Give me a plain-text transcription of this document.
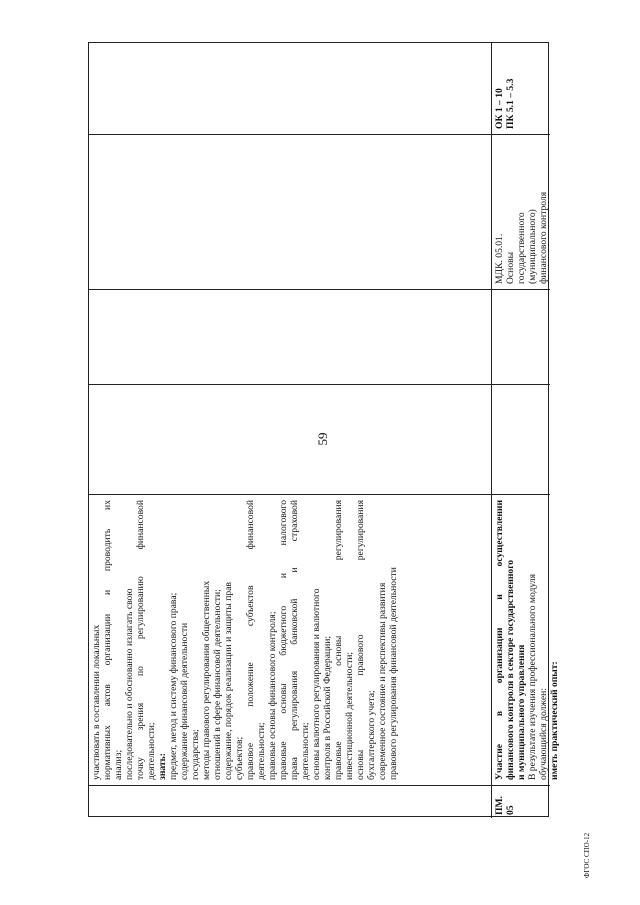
59
участвовать в составлении локальных нормативных актов организации и проводить их анализ; последовательно и обоснованно излагать свою точку зрения по регулированию финансовой деятельности; знать: предмет, метод и систему финансового права; содержание финансовой деятельности государства; методы правового регулирования общественных отношений в сфере финансовой деятельности; содержание, порядок реализации и защиты прав субъектов; правовое положение субъектов финансовой деятельности; правовые основы финансового контроля; правовые основы бюджетного и налогового права регулирования банковской и страховой деятельности; основы валютного регулирования и валютного контроля в Российской Федерации; правовые основы регулирования инвестиционной деятельности; основы правового регулирования бухгалтерского учета; современное состояние и перспективы развития правового регулирования финансовой деятельности
ПМ. 05
Участие в организации и осуществлении финансового контроля в секторе государственного и муниципального управления В результате изучения профессионального модуля обучающийся должен: иметь практический опыт:
МДК. 05.01. Основы государственного (муниципального) финансового контроля
ОК 1 – 10 ПК 5.1 – 5.3
ФГОС СПО-12
